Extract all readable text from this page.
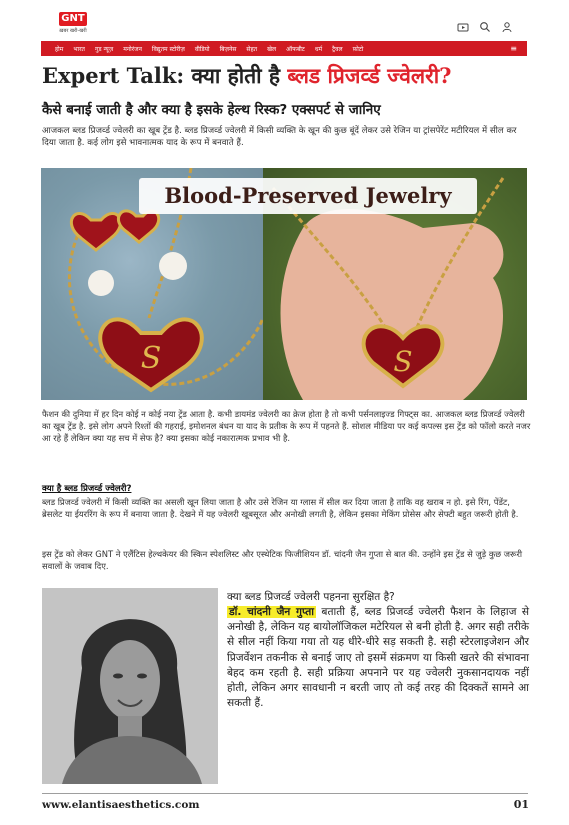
GNT
ख़बर खरी-खरी
होम भारत गुड न्यूज़ मनोरंजन विद्युतम स्टोरीज़ वीडियो बिज़नेस सेहत खेल ऑफबीट धर्म ट्रैवल फ़ोटो	≡
Expert Talk: क्या होती है ब्लड प्रिजर्व्ड ज्वेलरी?
कैसे बनाई जाती है और क्या है इसके हेल्थ रिस्क? एक्सपर्ट से जानिए

आजकल ब्लड प्रिजर्व्ड ज्वेलरी का खूब ट्रेंड है. ब्लड प्रिजर्व्ड ज्वेलरी में किसी व्यक्ति के खून की कुछ बूंदें लेकर उसे रेजिन या ट्रांसपेरेंट मटीरियल में सील कर दिया जाता है. कई लोग इसे भावनात्मक याद के रूप में बनवाते हैं.

S	S
Blood-Preserved Jewelry

फैशन की दुनिया में हर दिन कोई न कोई नया ट्रेंड आता है. कभी डायमंड ज्वेलरी का क्रेज होता है तो कभी पर्सनलाइज्ड गिफ्ट्स का. आजकल ब्लड प्रिजर्व्ड ज्वेलरी का खूब ट्रेंड है. इसे लोग अपने रिश्तों की गहराई, इमोशनल बंधन या याद के प्रतीक के रूप में पहनते हैं. सोशल मीडिया पर कई कपल्स इस ट्रेंड को फॉलो करते नजर आ रहे हैं लेकिन क्या यह सच में सेफ है? क्या इसका कोई नकारात्मक प्रभाव भी है.

क्या है ब्लड प्रिजर्व्ड ज्वेलरी?

ब्लड प्रिजर्व्ड ज्वेलरी में किसी व्यक्ति का असली खून लिया जाता है और उसे रेजिन या ग्लास में सील कर दिया जाता है ताकि वह खराब न हो. इसे रिंग, पेंडेंट, ब्रेसलेट या ईयररिंग के रूप में बनाया जाता है. देखने में यह ज्वेलरी खूबसूरत और अनोखी लगती है, लेकिन इसका मेकिंग प्रोसेस और सेफ्टी बहुत जरूरी होती है.

इस ट्रेंड को लेकर GNT ने एलैंटिस हेल्थकेयर की स्किन स्पेशलिस्ट और एस्थेटिक फिजीशियन डॉ. चांदनी जैन गुप्ता से बात की. उन्होंने इस ट्रेंड से जुड़े कुछ जरूरी सवालों के जवाब दिए.

क्या ब्लड प्रिजर्व्ड ज्वेलरी पहनना सुरक्षित है?

डॉ. चांदनी जैन गुप्ता बताती हैं, ब्लड प्रिजर्व्ड ज्वेलरी फैशन के लिहाज से अनोखी है, लेकिन यह बायोलॉजिकल मटेरियल से बनी होती है. अगर सही तरीके से सील नहीं किया गया तो यह धीरे-धीरे सड़ सकती है. सही स्टेरलाइजेशन और प्रिजर्वेशन तकनीक से बनाई जाए तो इसमें संक्रमण या किसी खतरे की संभावना बेहद कम रहती है. सही प्रक्रिया अपनाने पर यह ज्वेलरी नुकसानदायक नहीं होती, लेकिन अगर सावधानी न बरती जाए तो कई तरह की दिक्कतें सामने आ सकती हैं.

www.elantisaesthetics.com	01
